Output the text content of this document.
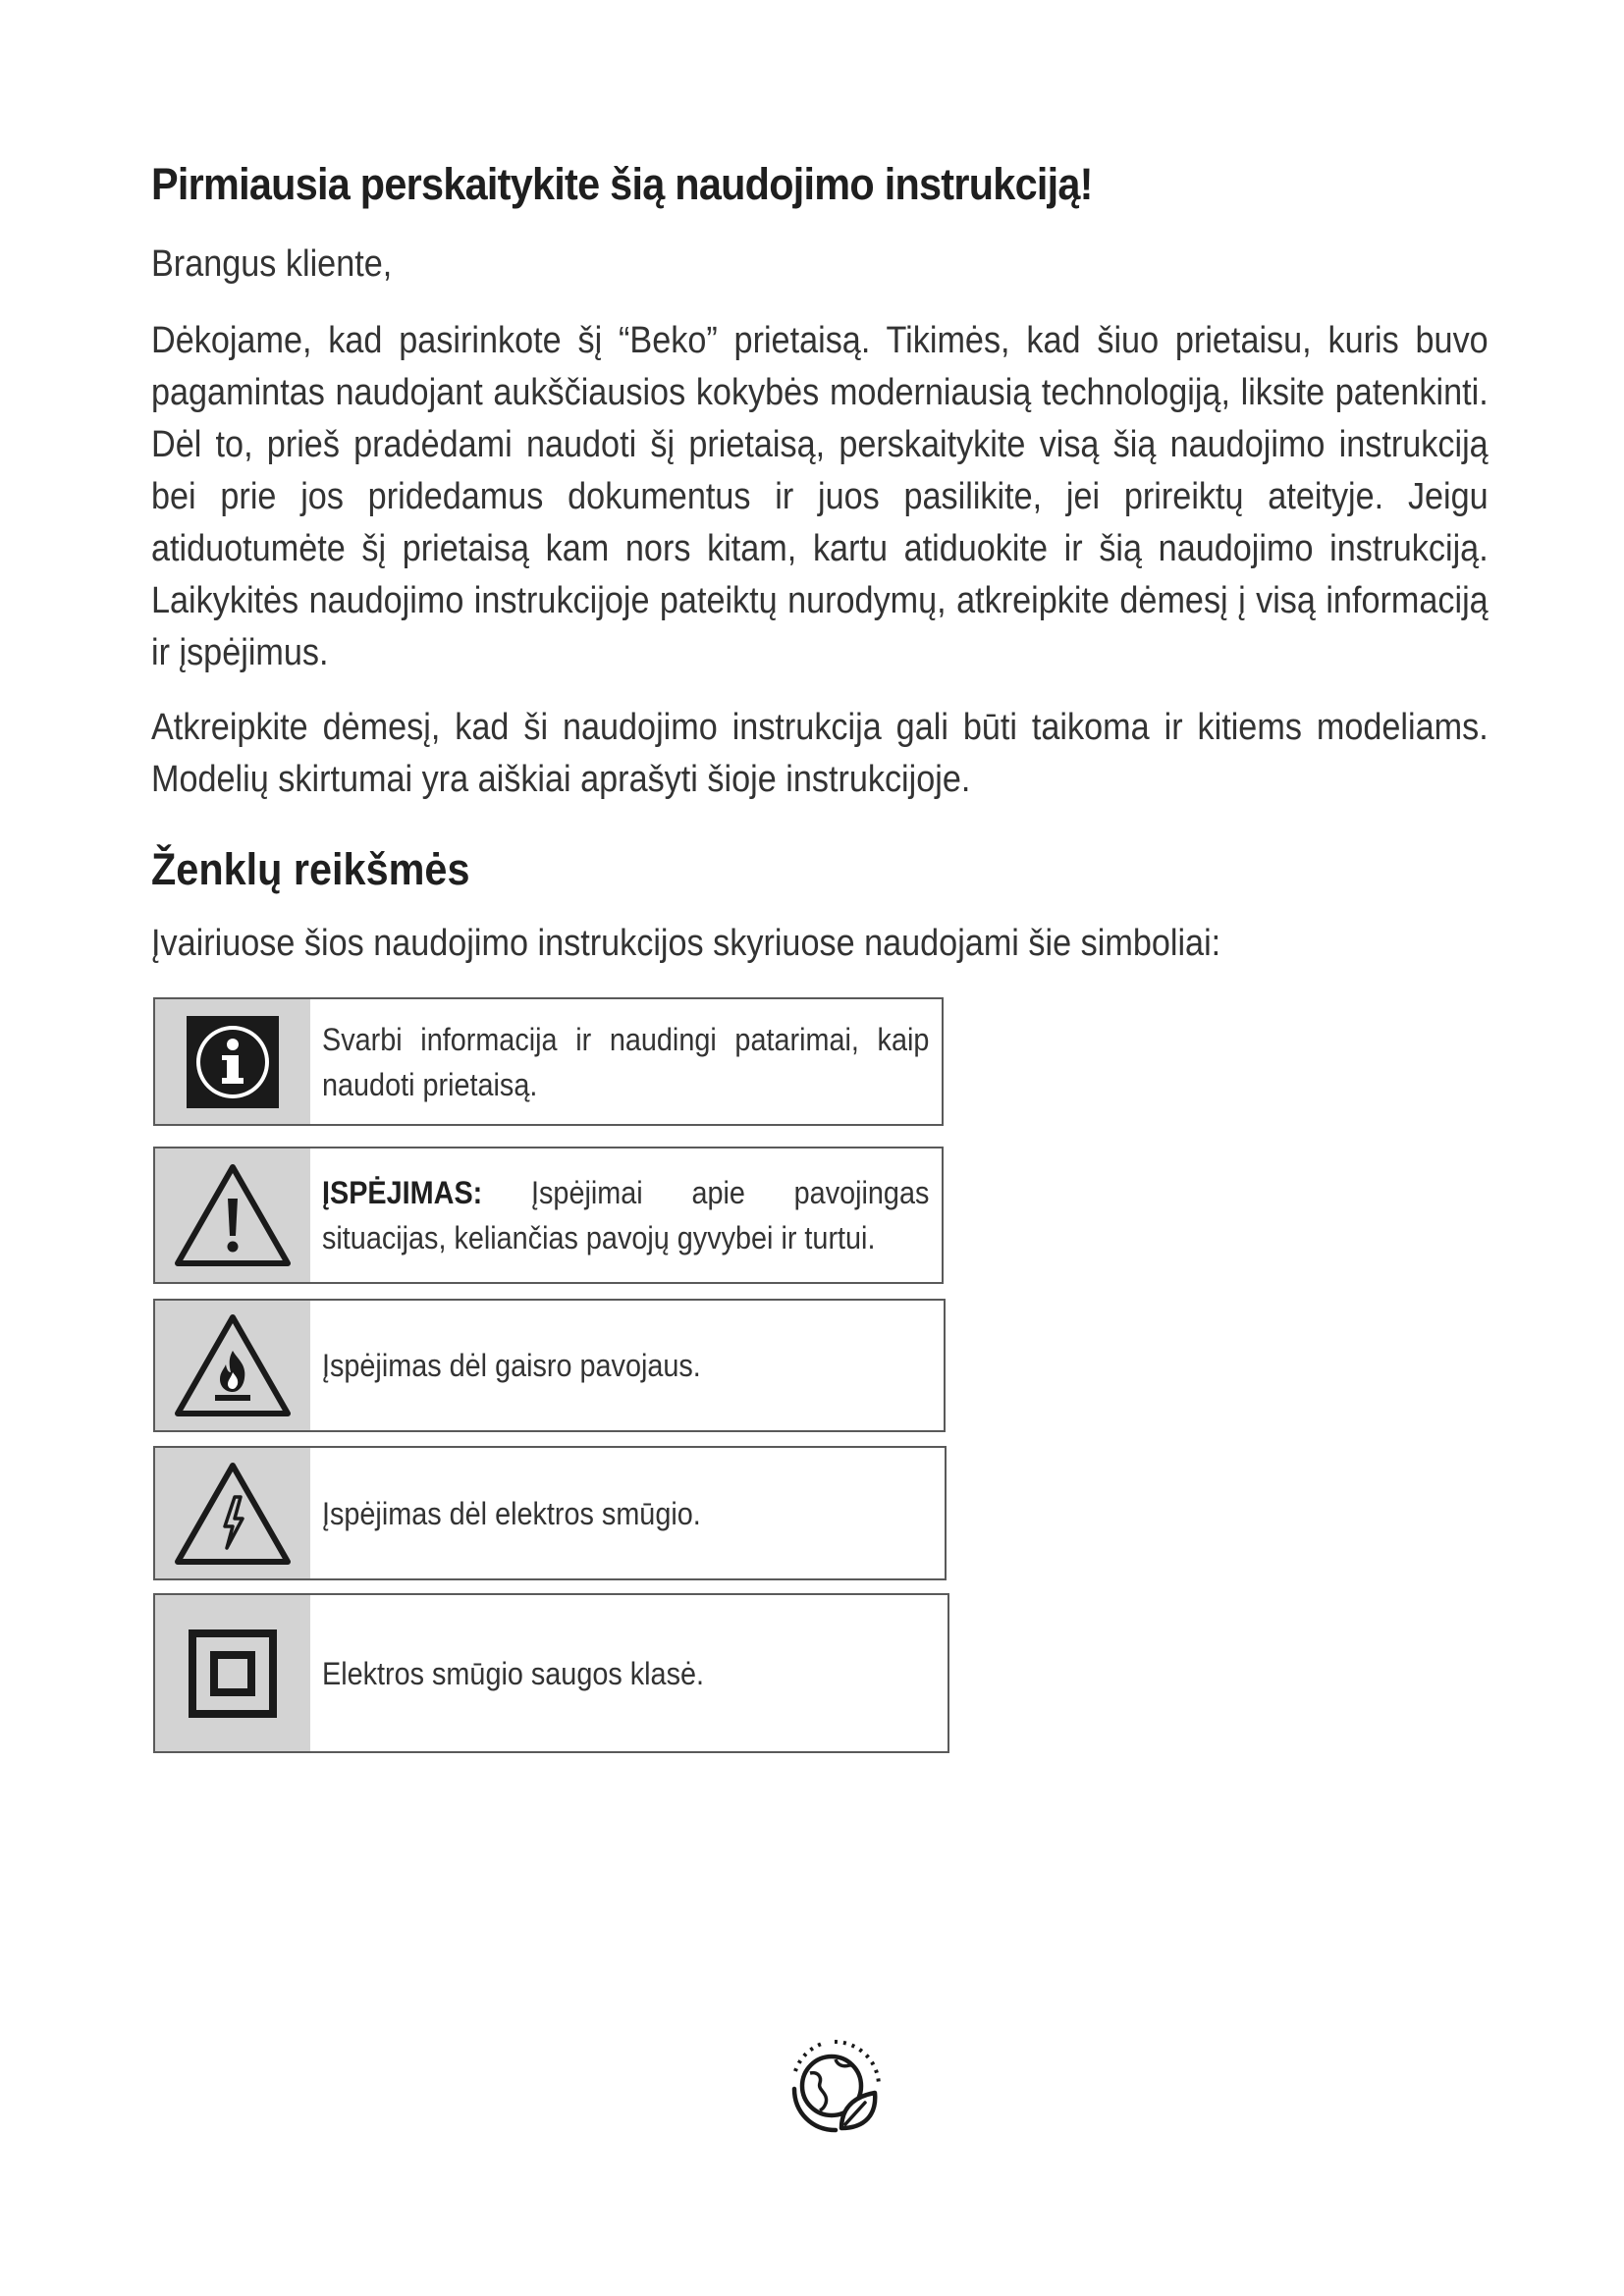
Pirmiausia perskaitykite šią naudojimo instrukciją!

Brangus kliente,

Dėkojame, kad pasirinkote šį “Beko” prietaisą. Tikimės, kad šiuo prietaisu, kuris buvo pagamintas naudojant aukščiausios kokybės moderniausią technologiją, liksite patenkinti. Dėl to, prieš pradėdami naudoti šį prietaisą, perskaitykite visą šią naudojimo instrukciją bei prie jos pridedamus dokumentus ir juos pasilikite, jei prireiktų ateityje. Jeigu atiduotumėte šį prietaisą kam nors kitam, kartu atiduokite ir šią naudojimo instrukciją. Laikykitės naudojimo instrukcijoje pateiktų nurodymų, atkreipkite dėmesį į visą informaciją ir įspėjimus.

Atkreipkite dėmesį, kad ši naudojimo instrukcija gali būti taikoma ir kitiems modeliams. Modelių skirtumai yra aiškiai aprašyti šioje instrukcijoje.

Ženklų reikšmės

Įvairiuose šios naudojimo instrukcijos skyriuose naudojami šie simboliai:

Svarbi informacija ir naudingi patarimai, kaip naudoti prietaisą.

ĮSPĖJIMAS: Įspėjimai apie pavojingas situacijas, keliančias pavojų gyvybei ir turtui.

Įspėjimas dėl gaisro pavojaus.

Įspėjimas dėl elektros smūgio.

Elektros smūgio saugos klasė.
